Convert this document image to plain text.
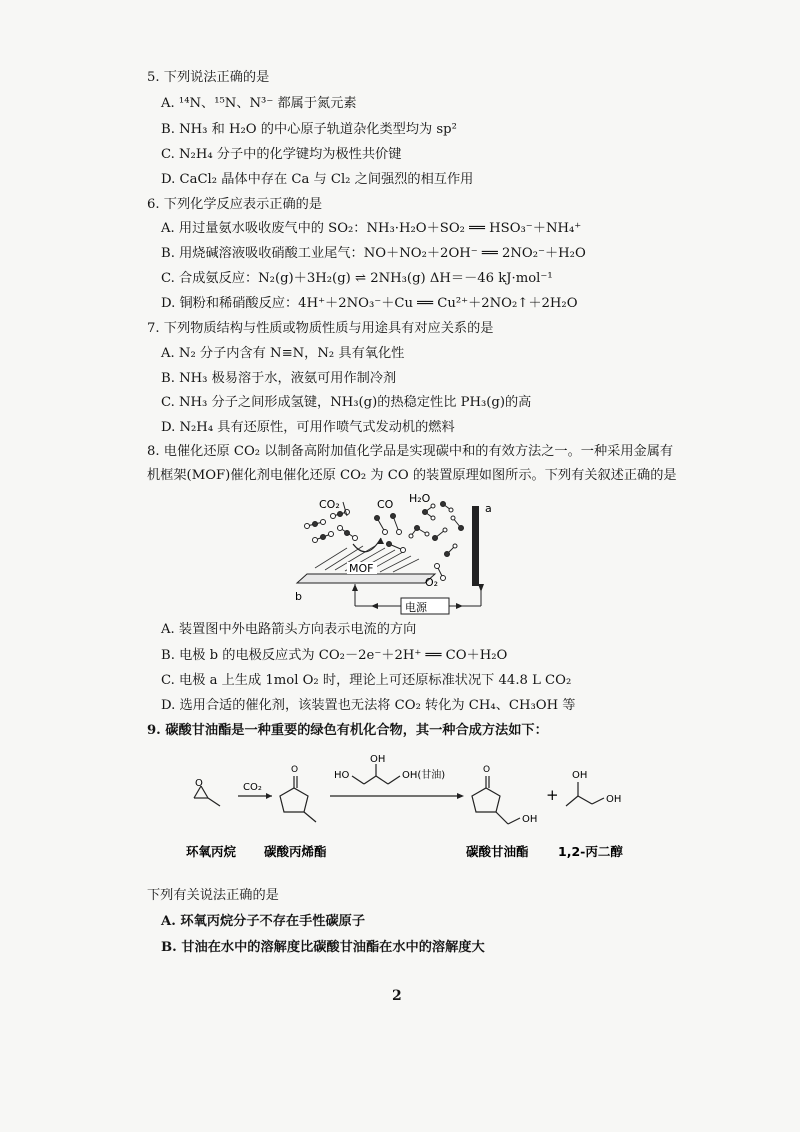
5. 下列说法正确的是
A. ¹⁴N、¹⁵N、N³⁻ 都属于氮元素
B. NH₃ 和 H₂O 的中心原子轨道杂化类型均为 sp²
C. N₂H₄ 分子中的化学键均为极性共价键
D. CaCl₂ 晶体中存在 Ca 与 Cl₂ 之间强烈的相互作用
6. 下列化学反应表示正确的是
A. 用过量氨水吸收废气中的 SO₂：NH₃·H₂O＋SO₂ ══ HSO₃⁻＋NH₄⁺
B. 用烧碱溶液吸收硝酸工业尾气：NO＋NO₂＋2OH⁻ ══ 2NO₂⁻＋H₂O
C. 合成氨反应：N₂(g)＋3H₂(g) ⇌ 2NH₃(g) ΔH＝－46 kJ·mol⁻¹
D. 铜粉和稀硝酸反应：4H⁺＋2NO₃⁻＋Cu ══ Cu²⁺＋2NO₂↑＋2H₂O
7. 下列物质结构与性质或物质性质与用途具有对应关系的是
A. N₂ 分子内含有 N≡N，N₂ 具有氧化性
B. NH₃ 极易溶于水，液氨可用作制冷剂
C. NH₃ 分子之间形成氢键，NH₃(g)的热稳定性比 PH₃(g)的高
D. N₂H₄ 具有还原性，可用作喷气式发动机的燃料
8. 电催化还原 CO₂ 以制备高附加值化学品是实现碳中和的有效方法之一。一种采用金属有
机框架(MOF)催化剂电催化还原 CO₂ 为 CO 的装置原理如图所示。下列有关叙述正确的是
MOF
CO₂	CO H₂O
O₂
a
b
电源
A. 装置图中外电路箭头方向表示电流的方向
B. 电极 b 的电极反应式为 CO₂－2e⁻＋2H⁺ ══ CO＋H₂O
C. 电极 a 上生成 1mol O₂ 时，理论上可还原标准状况下 44.8 L CO₂
D. 选用合适的催化剂，该装置也无法将 CO₂ 转化为 CH₄、CH₃OH 等
9. 碳酸甘油酯是一种重要的绿色有机化合物，其一种合成方法如下：
O	CO₂
O	HO
OH
OH(甘油)	O
OH
+
OH
OH
环氧丙烷 碳酸丙烯酯	碳酸甘油酯 1,2-丙二醇
下列有关说法正确的是
A. 环氧丙烷分子不存在手性碳原子
B. 甘油在水中的溶解度比碳酸甘油酯在水中的溶解度大
2
